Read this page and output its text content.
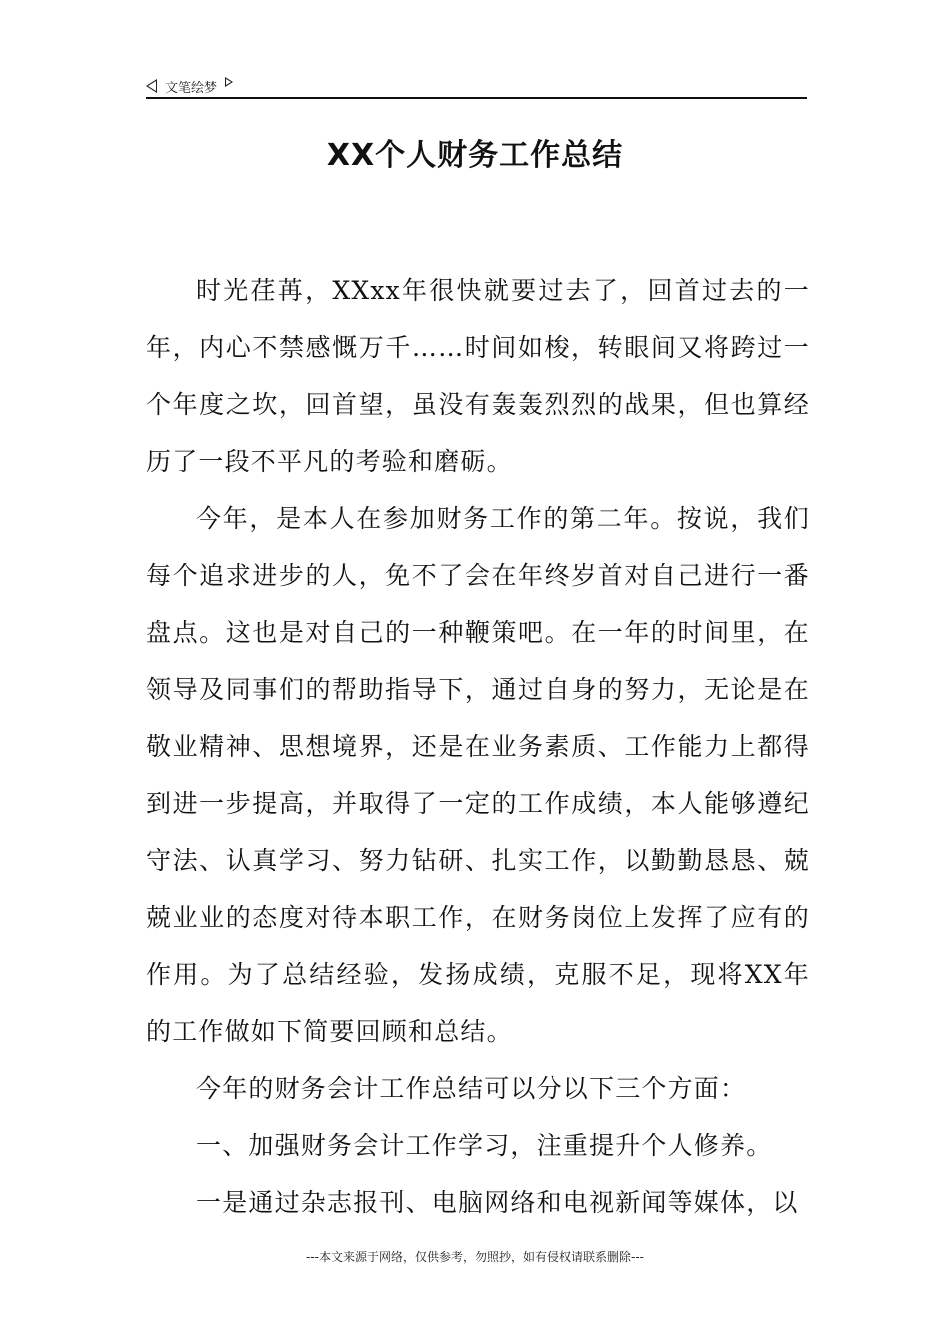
文笔绘梦
XX个人财务工作总结

时光荏苒，XXxx年很快就要过去了，回首过去的一年，内心不禁感慨万千……时间如梭，转眼间又将跨过一个年度之坎，回首望，虽没有轰轰烈烈的战果，但也算经历了一段不平凡的考验和磨砺。

今年，是本人在参加财务工作的第二年。按说，我们每个追求进步的人，免不了会在年终岁首对自己进行一番盘点。这也是对自己的一种鞭策吧。在一年的时间里，在领导及同事们的帮助指导下，通过自身的努力，无论是在敬业精神、思想境界，还是在业务素质、工作能力上都得到进一步提高，并取得了一定的工作成绩，本人能够遵纪守法、认真学习、努力钻研、扎实工作，以勤勤恳恳、兢兢业业的态度对待本职工作，在财务岗位上发挥了应有的作用。为了总结经验，发扬成绩，克服不足，现将XX年的工作做如下简要回顾和总结。

今年的财务会计工作总结可以分以下三个方面：

一、加强财务会计工作学习，注重提升个人修养。

一是通过杂志报刊、电脑网络和电视新闻等媒体，以

---本文来源于网络，仅供参考，勿照抄，如有侵权请联系删除---
